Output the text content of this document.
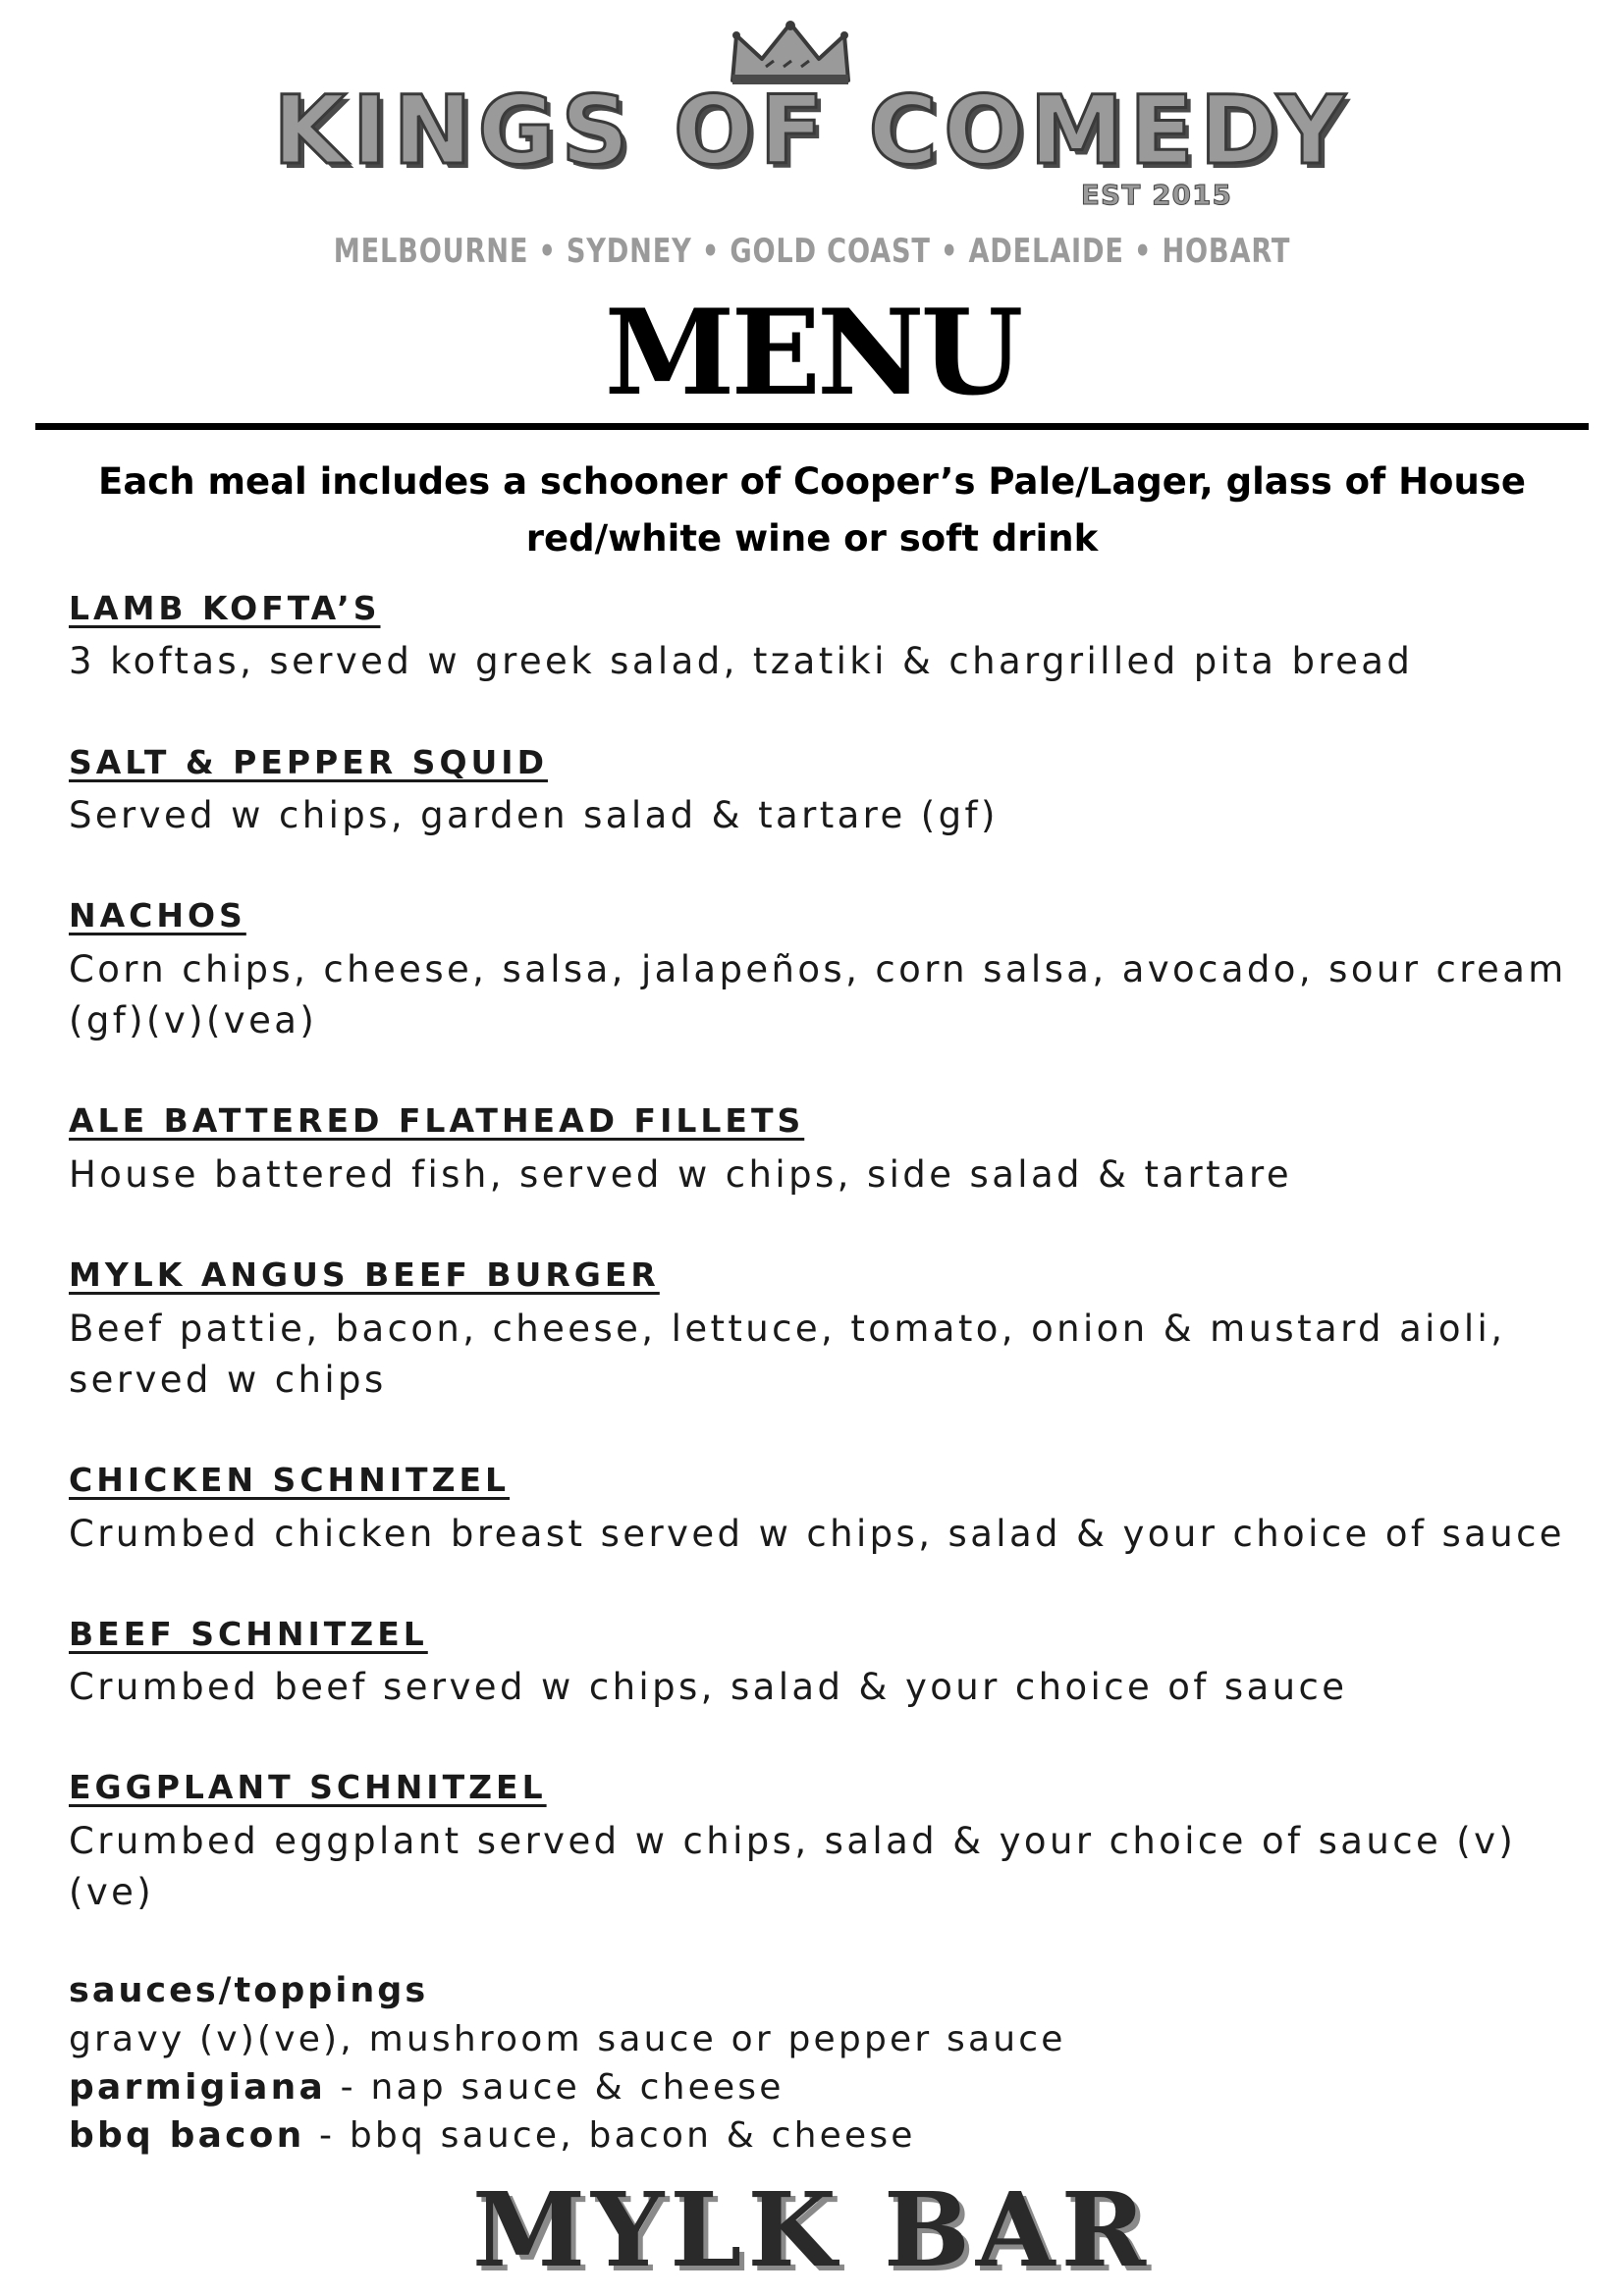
KINGS OF COMEDY
EST 2015
MELBOURNE • SYDNEY • GOLD COAST • ADELAIDE • HOBART
MENU
Each meal includes a schooner of Cooper’s Pale/Lager, glass of House red/white wine or soft drink
LAMB KOFTA’S
3 koftas, served w greek salad, tzatiki & chargrilled pita bread
SALT & PEPPER SQUID
Served w chips, garden salad & tartare (gf)
NACHOS
Corn chips, cheese, salsa, jalapeños, corn salsa, avocado, sour cream (gf)(v)(vea)
ALE BATTERED FLATHEAD FILLETS
House battered fish, served w chips, side salad & tartare
MYLK ANGUS BEEF BURGER
Beef pattie, bacon, cheese, lettuce, tomato, onion & mustard aioli, served w chips
CHICKEN SCHNITZEL
Crumbed chicken breast served w chips, salad & your choice of sauce
BEEF SCHNITZEL
Crumbed beef served w chips, salad & your choice of sauce
EGGPLANT SCHNITZEL
Crumbed eggplant served w chips, salad & your choice of sauce (v)(ve)
sauces/toppings
gravy (v)(ve), mushroom sauce or pepper sauce
parmigiana - nap sauce & cheese
bbq bacon - bbq sauce, bacon & cheese
MYLK BAR
